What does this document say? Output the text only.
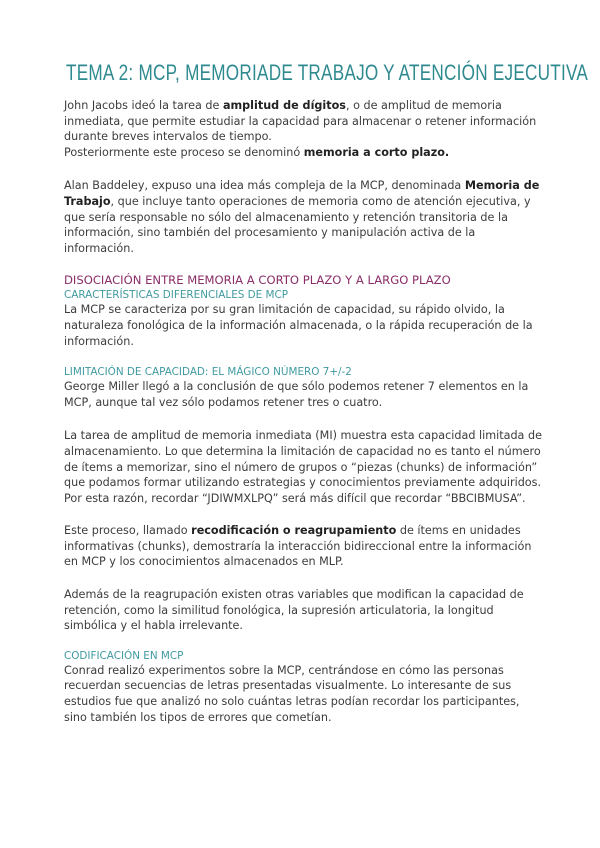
TEMA 2: MCP, MEMORIADE TRABAJO Y ATENCIÓN EJECUTIVA

John Jacobs ideó la tarea de amplitud de dígitos, o de amplitud de memoria inmediata, que permite estudiar la capacidad para almacenar o retener información durante breves intervalos de tiempo.

Posteriormente este proceso se denominó memoria a corto plazo.

Alan Baddeley, expuso una idea más compleja de la MCP, denominada Memoria de Trabajo, que incluye tanto operaciones de memoria como de atención ejecutiva, y que sería responsable no sólo del almacenamiento y retención transitoria de la información, sino también del procesamiento y manipulación activa de la información.

DISOCIACIÓN ENTRE MEMORIA A CORTO PLAZO Y A LARGO PLAZO
CARACTERÍSTICAS DIFERENCIALES DE MCP

La MCP se caracteriza por su gran limitación de capacidad, su rápido olvido, la naturaleza fonológica de la información almacenada, o la rápida recuperación de la información.

LIMITACIÓN DE CAPACIDAD: EL MÁGICO NÚMERO 7+/-2

George Miller llegó a la conclusión de que sólo podemos retener 7 elementos en la MCP, aunque tal vez sólo podamos retener tres o cuatro.

La tarea de amplitud de memoria inmediata (MI) muestra esta capacidad limitada de almacenamiento. Lo que determina la limitación de capacidad no es tanto el número de ítems a memorizar, sino el número de grupos o “piezas (chunks) de información” que podamos formar utilizando estrategias y conocimientos previamente adquiridos. Por esta razón, recordar “JDIWMXLPQ” será más difícil que recordar “BBCIBMUSA”.

Este proceso, llamado recodificación o reagrupamiento de ítems en unidades informativas (chunks), demostraría la interacción bidireccional entre la información en MCP y los conocimientos almacenados en MLP.

Además de la reagrupación existen otras variables que modifican la capacidad de retención, como la similitud fonológica, la supresión articulatoria, la longitud simbólica y el habla irrelevante.

CODIFICACIÓN EN MCP

Conrad realizó experimentos sobre la MCP, centrándose en cómo las personas recuerdan secuencias de letras presentadas visualmente. Lo interesante de sus estudios fue que analizó no solo cuántas letras podían recordar los participantes, sino también los tipos de errores que cometían.
